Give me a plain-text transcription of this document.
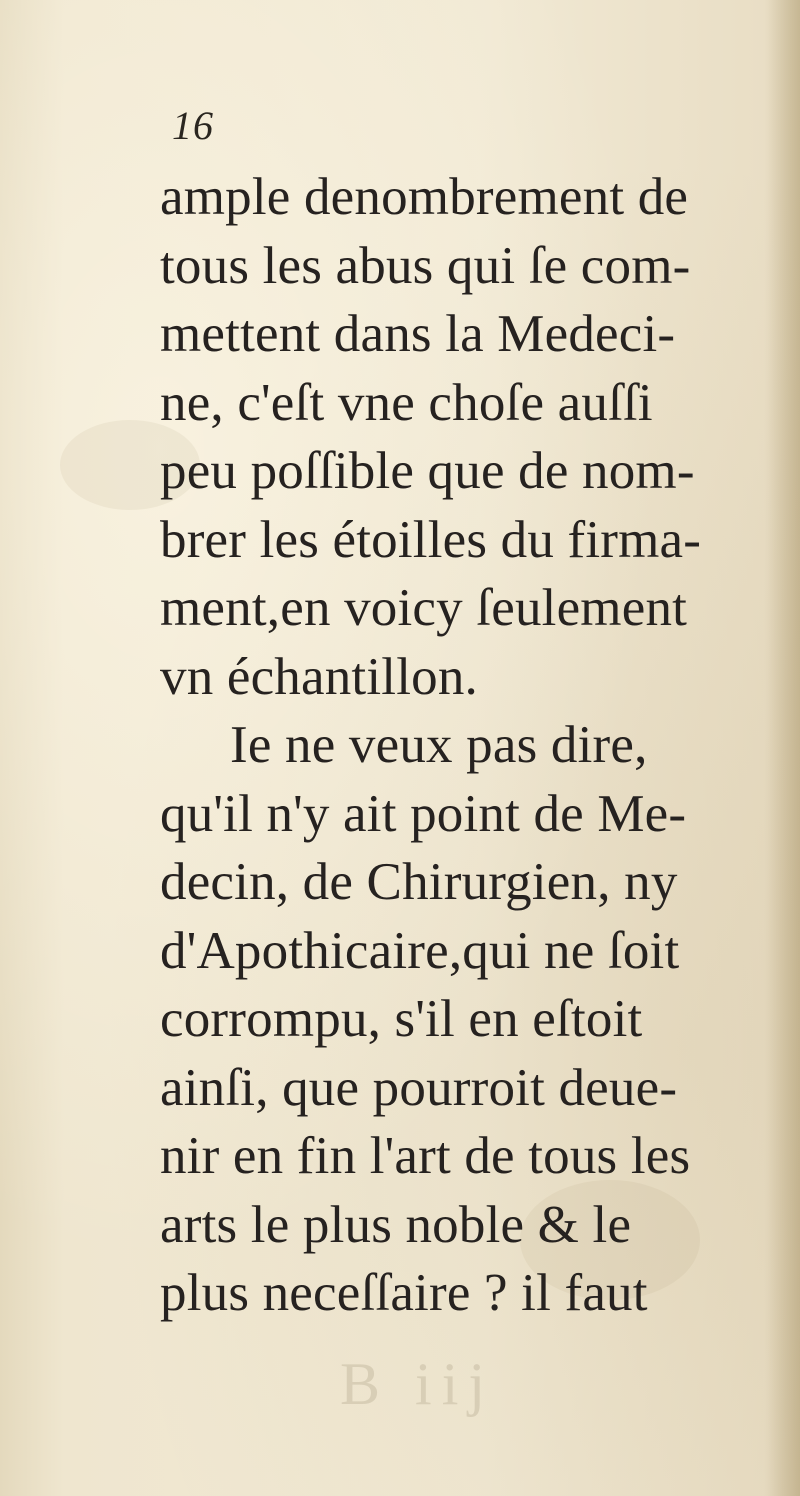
16
ample denombrement de
tous les abus qui ſe com-
mettent dans la Medeci-
ne, c'eſt vne choſe auſſi
peu poſſible que de nom-
brer les étoilles du firma-
ment,en voicy ſeulement
vn échantillon.
Ie ne veux pas dire,
qu'il n'y ait point de Me-
decin, de Chirurgien, ny
d'Apothicaire,qui ne ſoit
corrompu, s'il en eſtoit
ainſi, que pourroit deue-
nir en fin l'art de tous les
arts le plus noble & le
plus neceſſaire ? il faut
B iij
